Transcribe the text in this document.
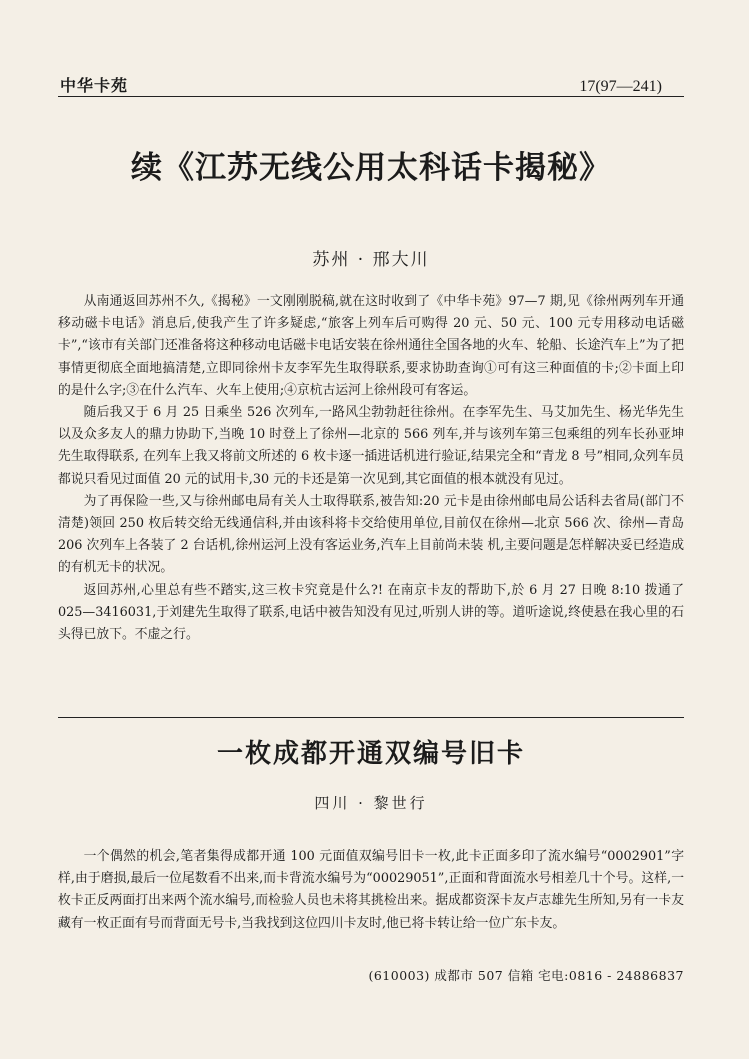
中华卡苑	17(97—241)
续《江苏无线公用太科话卡揭秘》
苏州 · 邢大川

从南通返回苏州不久,《揭秘》一文刚刚脱稿,就在这时收到了《中华卡苑》97—7 期,见《徐州两列车开通移动磁卡电话》消息后,使我产生了许多疑虑,“旅客上列车后可购得 20 元、50 元、100 元专用移动电话磁卡”,“该市有关部门还准备将这种移动电话磁卡电话安装在徐州通往全国各地的火车、轮船、长途汽车上”为了把事情更彻底全面地搞清楚,立即同徐州卡友李军先生取得联系,要求协助查询①可有这三种面值的卡;②卡面上印的是什么字;③在什么汽车、火车上使用;④京杭古运河上徐州段可有客运。

随后我又于 6 月 25 日乘坐 526 次列车,一路风尘勃勃赶往徐州。在李军先生、马艾加先生、杨光华先生以及众多友人的鼎力协助下,当晚 10 时登上了徐州—北京的 566 列车,并与该列车第三包乘组的列车长孙亚坤先生取得联系, 在列车上我又将前文所述的 6 枚卡逐一插进话机进行验证,结果完全和“青龙 8 号”相同,众列车员都说只看见过面值 20 元的试用卡,30 元的卡还是第一次见到,其它面值的根本就没有见过。

为了再保险一些,又与徐州邮电局有关人士取得联系,被告知:20 元卡是由徐州邮电局公话科去省局(部门不清楚)领回 250 枚后转交给无线通信科,并由该科将卡交给使用单位,目前仅在徐州—北京 566 次、徐州—青岛 206 次列车上各装了 2 台话机,徐州运河上没有客运业务,汽车上目前尚未装 机,主要问题是怎样解决妥已经造成的有机无卡的状况。

返回苏州,心里总有些不踏实,这三枚卡究竟是什么?! 在南京卡友的帮助下,於 6 月 27 日晚 8:10 拨通了 025—3416031,于刘建先生取得了联系,电话中被告知没有见过,听别人讲的等。道听途说,终使悬在我心里的石头得已放下。不虚之行。

一枚成都开通双编号旧卡
四川 · 黎世行

一个偶然的机会,笔者集得成都开通 100 元面值双编号旧卡一枚,此卡正面多印了流水编号“0002901”字样,由于磨损,最后一位尾数看不出来,而卡背流水编号为“00029051”,正面和背面流水号相差几十个号。这样,一枚卡正反两面打出来两个流水编号,而检验人员也未将其挑检出来。据成都资深卡友卢志雄先生所知,另有一卡友藏有一枚正面有号而背面无号卡,当我找到这位四川卡友时,他已将卡转让给一位广东卡友。

(610003) 成都市 507 信箱 宅电:0816 - 24886837
